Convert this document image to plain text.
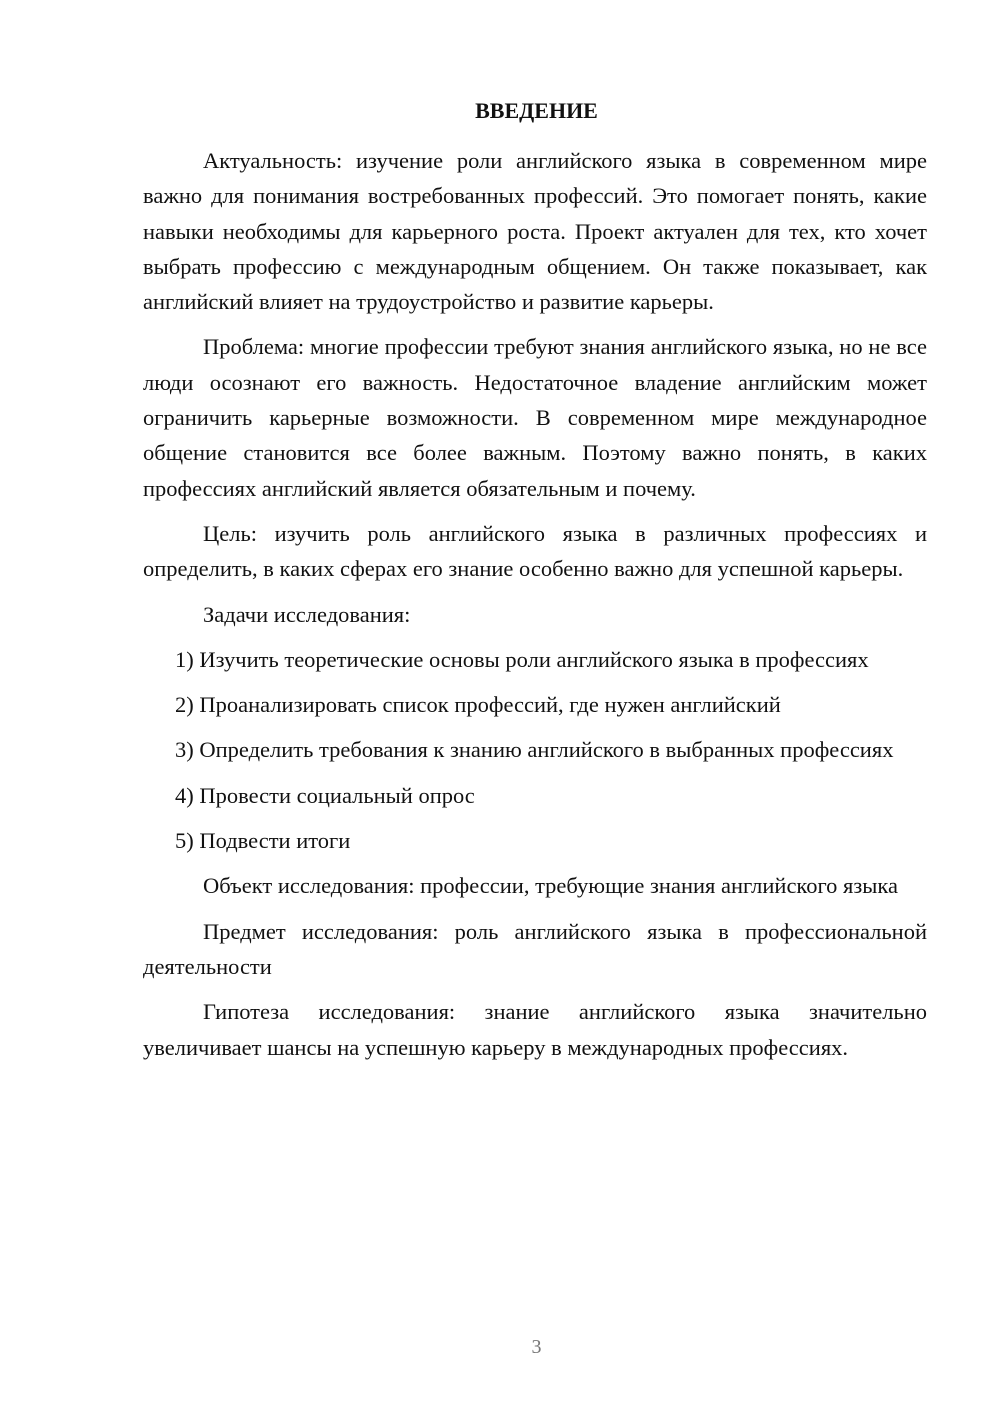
ВВЕДЕНИЕ

Актуальность: изучение роли английского языка в современном мире важно для понимания востребованных профессий. Это помогает понять, какие навыки необходимы для карьерного роста. Проект актуален для тех, кто хочет выбрать профессию с международным общением. Он также показывает, как английский влияет на трудоустройство и развитие карьеры.

Проблема: многие профессии требуют знания английского языка, но не все люди осознают его важность. Недостаточное владение английским может ограничить карьерные возможности. В современном мире международное общение становится все более важным. Поэтому важно понять, в каких профессиях английский является обязательным и почему.

Цель: изучить роль английского языка в различных профессиях и определить, в каких сферах его знание особенно важно для успешной карьеры.

Задачи исследования:

1) Изучить теоретические основы роли английского языка в профессиях

2) Проанализировать список профессий, где нужен английский

3) Определить требования к знанию английского в выбранных профессиях

4) Провести социальный опрос

5) Подвести итоги

Объект исследования: профессии, требующие знания английского языка

Предмет исследования: роль английского языка в профессиональной деятельности

Гипотеза исследования: знание английского языка значительно увеличивает шансы на успешную карьеру в международных профессиях.

3
